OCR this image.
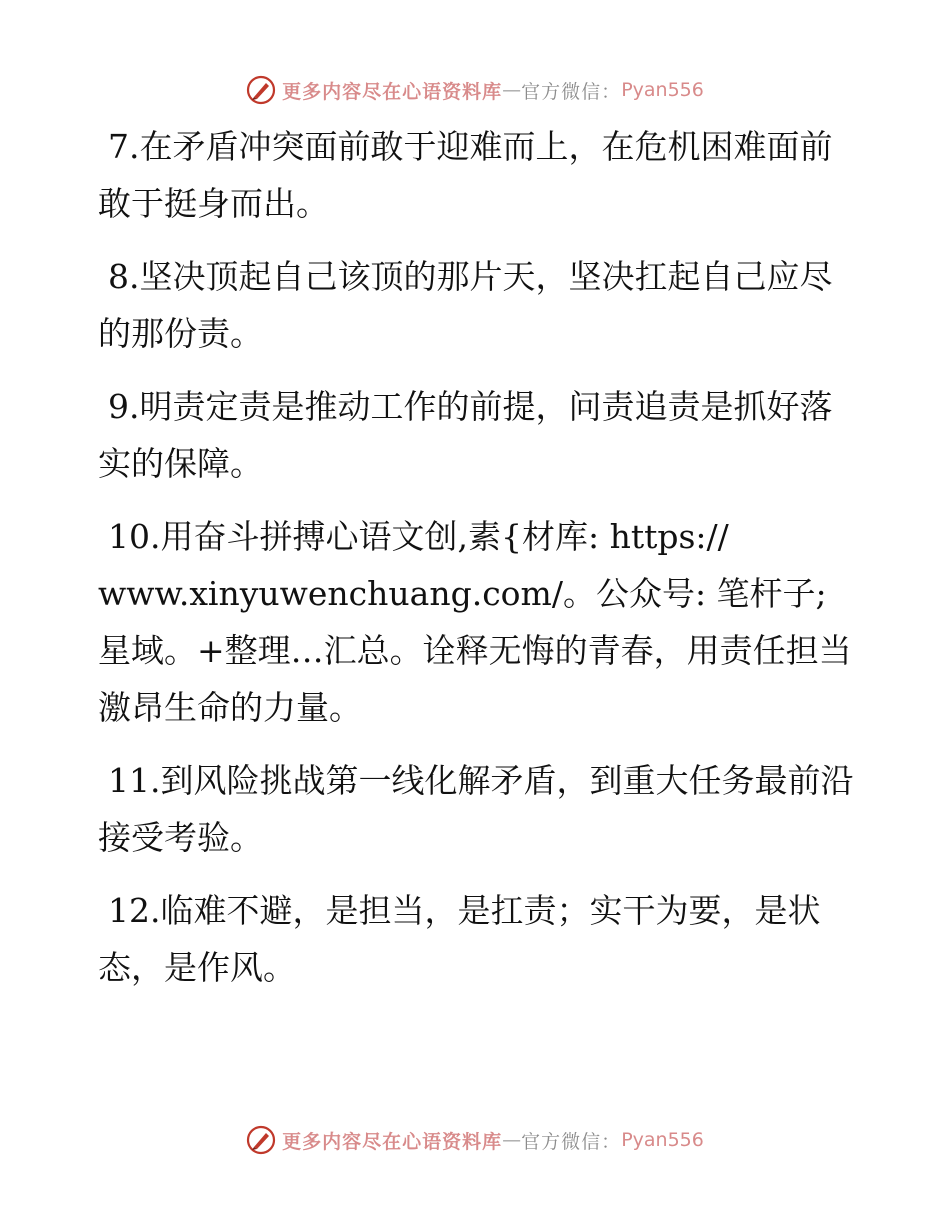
更多内容尽在心语资料库 — 官方微信： Pyan556

7.在矛盾冲突面前敢于迎难而上，在危机困难面前敢于挺身而出。

8.坚决顶起自己该顶的那片天，坚决扛起自己应尽的那份责。

9.明责定责是推动工作的前提，问责追责是抓好落实的保障。

10.用奋斗拼搏心语文创,素{材库: https://
www.xinyuwenchuang.com/。公众号: 笔杆子;星域。+整理…汇总。诠释无悔的青春，用责任担当激昂生命的力量。

11.到风险挑战第一线化解矛盾，到重大任务最前沿接受考验。

12.临难不避，是担当，是扛责；实干为要，是状态，是作风。

更多内容尽在心语资料库 — 官方微信： Pyan556
